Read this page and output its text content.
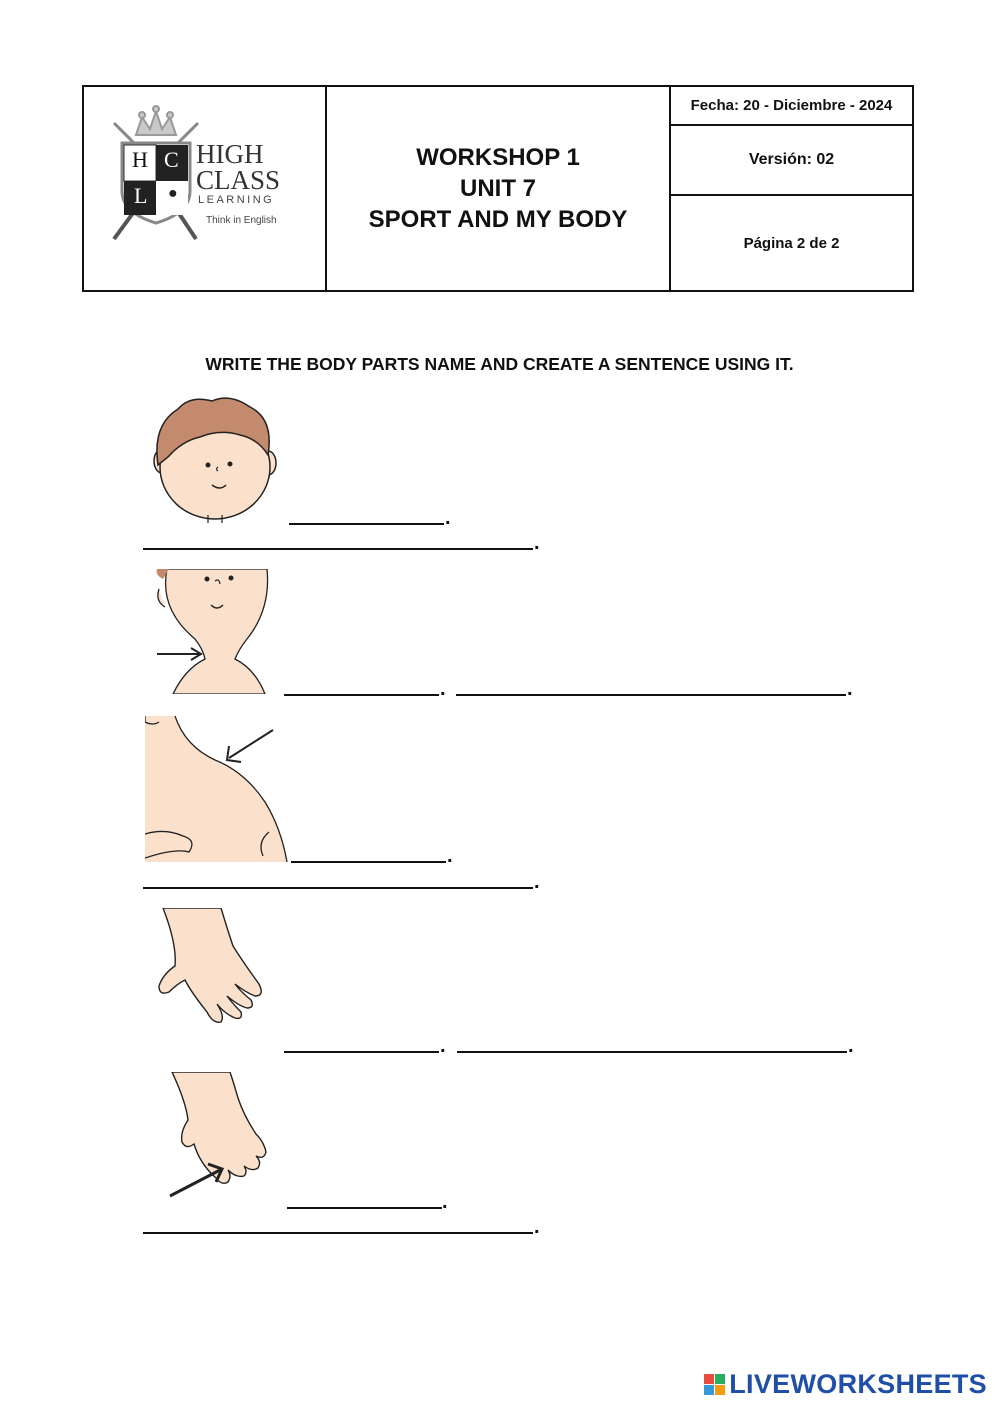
H C
L ●
HIGH
CLASS
LEARNING
Think in English
WORKSHOP 1
UNIT 7
SPORT AND MY BODY
Fecha: 20 - Diciembre - 2024
Versión: 02
Página 2 de 2
WRITE THE BODY PARTS NAME AND CREATE A SENTENCE USING IT.
.
.
.	.
.
.
.	.
.
.
LIVEWORKSHEETS
